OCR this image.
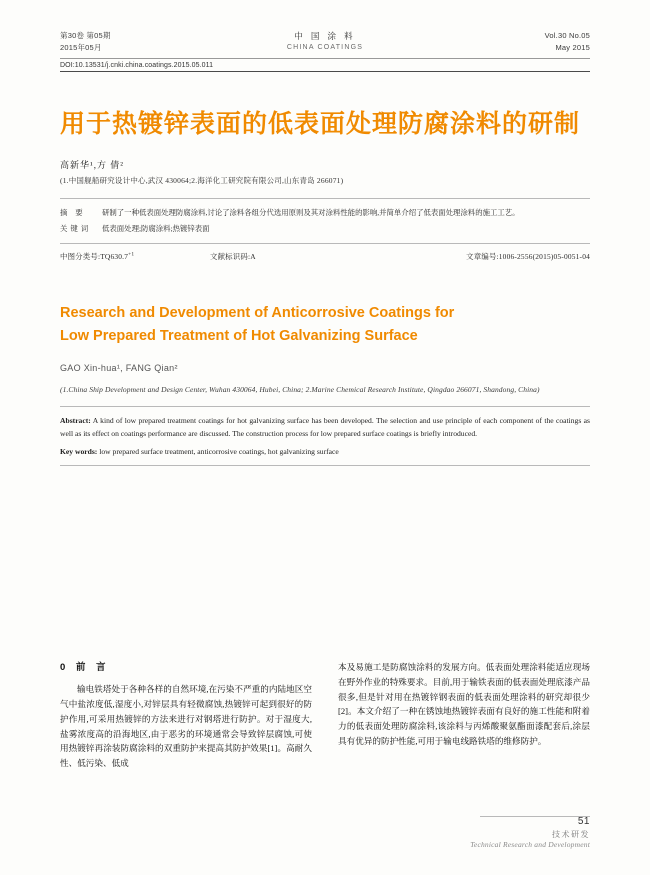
第30卷 第05期
2015年05月
中 国 涂 料
CHINA COATINGS
Vol.30 No.05
May 2015
DOI:10.13531/j.cnki.china.coatings.2015.05.011
用于热镀锌表面的低表面处理防腐涂料的研制
高新华¹,方 倩²
(1.中国舰船研究设计中心,武汉 430064;2.海洋化工研究院有限公司,山东青岛 266071)
摘 要	研制了一种低表面处理防腐涂料,讨论了涂料各组分代选用原则及其对涂料性能的影响,并简单介绍了低表面处理涂料的施工工艺。
关键词	低表面处理;防腐涂料;热镀锌表面
中图分类号$:TQ630.7^{+1}$	文献标识码:A	文章编号:1006-2556(2015)05-0051-04
Research and Development of Anticorrosive Coatings for
Low Prepared Treatment of Hot Galvanizing Surface
GAO Xin-hua¹, FANG Qian²
(1.China Ship Development and Design Center, Wuhan 430064, Hubei, China; 2.Marine Chemical Research Institute, Qingdao 266071, Shandong, China)
Abstract: A kind of low prepared treatment coatings for hot galvanizing surface has been developed. The selection and use principle of each component of the coatings as well as its effect on coatings performance are discussed. The construction process for low prepared surface coatings is briefly introduced.
Key words: low prepared surface treatment, anticorrosive coatings, hot galvanizing surface
0 前 言
输电铁塔处于各种各样的自然环境,在污染不严重的内陆地区空气中盐浓度低,湿度小,对锌层具有轻微腐蚀,热镀锌可起到很好的防护作用,可采用热镀锌的方法来进行对钢塔进行防护。对于湿度大,盐雾浓度高的沿海地区,由于恶劣的环境通常会导致锌层腐蚀,可使用热镀锌再涂装防腐涂料的双重防护来提高其防护效果[1]。高耐久性、低污染、低成
本及易施工是防腐蚀涂料的发展方向。低表面处理涂料能适应现场在野外作业的特殊要求。目前,用于输铁表面的低表面处理底漆产品很多,但是针对用在热镀锌钢表面的低表面处理涂料的研究却很少[2]。本文介绍了一种在锈蚀地热镀锌表面有良好的施工性能和附着力的低表面处理防腐涂料,该涂料与丙烯酸聚氨酯面漆配套后,涂层具有优异的防护性能,可用于输电线路铁塔的维修防护。
51
技术研发
Technical Research and Development
